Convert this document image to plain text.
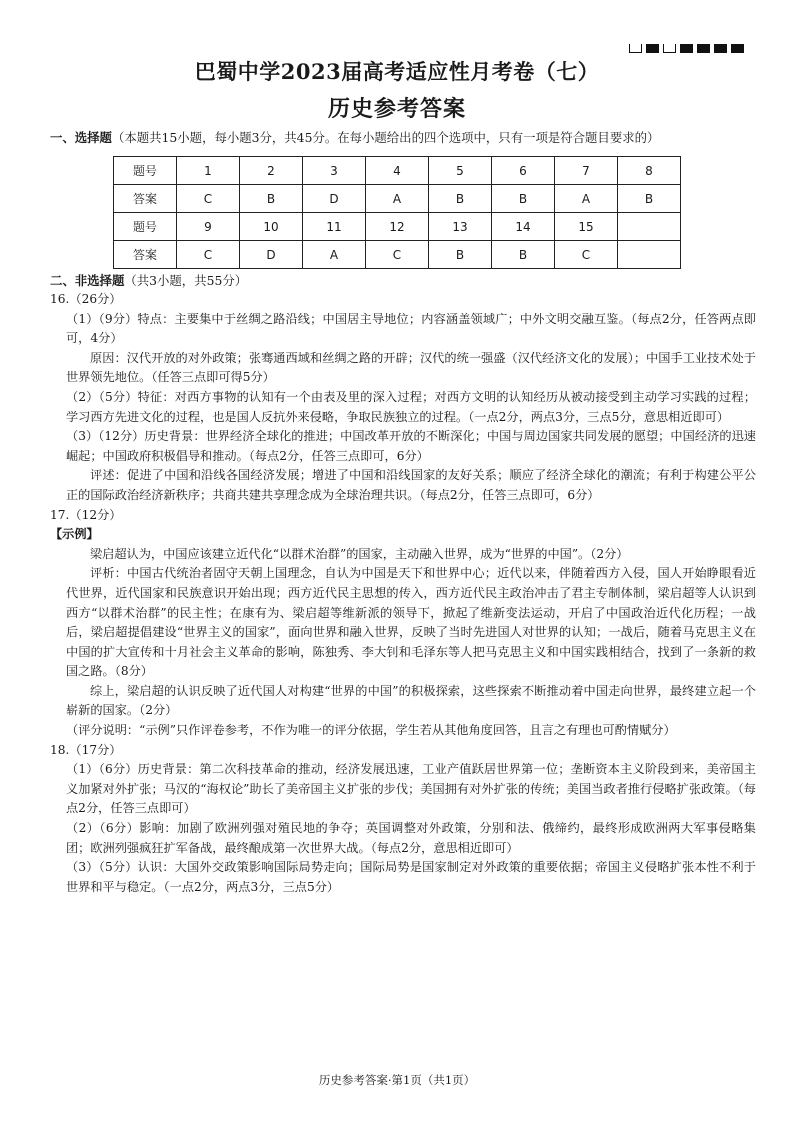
巴蜀中学2023届高考适应性月考卷（七）
历史参考答案
一、选择题（本题共15小题，每小题3分，共45分。在每小题给出的四个选项中，只有一项是符合题目要求的）
题号	1	2	3	4	5	6	7	8
答案	C	B	D	A	B	B	A	B
题号	9	10	11	12	13	14	15	
答案	C	D	A	C	B	B	C	
二、非选择题（共3小题，共55分）

16.（26分）

（1）（9分）特点：主要集中于丝绸之路沿线；中国居主导地位；内容涵盖领域广；中外文明交融互鉴。（每点2分，任答两点即可，4分）

原因：汉代开放的对外政策；张骞通西域和丝绸之路的开辟；汉代的统一强盛（汉代经济文化的发展）；中国手工业技术处于世界领先地位。（任答三点即可得5分）

（2）（5分）特征：对西方事物的认知有一个由表及里的深入过程；对西方文明的认知经历从被动接受到主动学习实践的过程；学习西方先进文化的过程，也是国人反抗外来侵略，争取民族独立的过程。（一点2分，两点3分，三点5分，意思相近即可）

（3）（12分）历史背景：世界经济全球化的推进；中国改革开放的不断深化；中国与周边国家共同发展的愿望；中国经济的迅速崛起；中国政府积极倡导和推动。（每点2分，任答三点即可，6分）

评述：促进了中国和沿线各国经济发展；增进了中国和沿线国家的友好关系；顺应了经济全球化的潮流；有利于构建公平公正的国际政治经济新秩序；共商共建共享理念成为全球治理共识。（每点2分，任答三点即可，6分）

17.（12分）

【示例】

梁启超认为，中国应该建立近代化“以群术治群”的国家，主动融入世界，成为“世界的中国”。（2分）

评析：中国古代统治者固守天朝上国理念，自认为中国是天下和世界中心；近代以来，伴随着西方入侵，国人开始睁眼看近代世界，近代国家和民族意识开始出现；西方近代民主思想的传入，西方近代民主政治冲击了君主专制体制，梁启超等人认识到西方“以群术治群”的民主性；在康有为、梁启超等维新派的领导下，掀起了维新变法运动，开启了中国政治近代化历程；一战后，梁启超提倡建设“世界主义的国家”，面向世界和融入世界，反映了当时先进国人对世界的认知；一战后，随着马克思主义在中国的扩大宣传和十月社会主义革命的影响，陈独秀、李大钊和毛泽东等人把马克思主义和中国实践相结合，找到了一条新的救国之路。（8分）

综上，梁启超的认识反映了近代国人对构建“世界的中国”的积极探索，这些探索不断推动着中国走向世界，最终建立起一个崭新的国家。（2分）

（评分说明：“示例”只作评卷参考，不作为唯一的评分依据，学生若从其他角度回答，且言之有理也可酌情赋分）

18.（17分）

（1）（6分）历史背景：第二次科技革命的推动，经济发展迅速，工业产值跃居世界第一位；垄断资本主义阶段到来，美帝国主义加紧对外扩张；马汉的“海权论”助长了美帝国主义扩张的步伐；美国拥有对外扩张的传统；美国当政者推行侵略扩张政策。（每点2分，任答三点即可）

（2）（6分）影响：加剧了欧洲列强对殖民地的争夺；英国调整对外政策，分别和法、俄缔约，最终形成欧洲两大军事侵略集团；欧洲列强疯狂扩军备战，最终酿成第一次世界大战。（每点2分，意思相近即可）

（3）（5分）认识：大国外交政策影响国际局势走向；国际局势是国家制定对外政策的重要依据；帝国主义侵略扩张本性不利于世界和平与稳定。（一点2分，两点3分，三点5分）

历史参考答案·第1页（共1页）
